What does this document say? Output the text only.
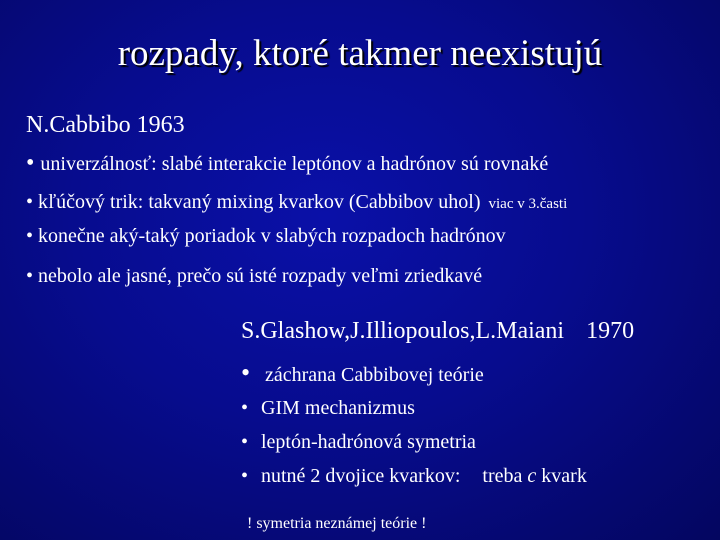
rozpady, ktoré takmer neexistujú
N.Cabbibo 1963
• univerzálnosť: slabé interakcie leptónov a hadrónov sú rovnaké
• kľúčový trik: takvaný mixing kvarkov (Cabbibov uhol) viac v 3.časti
• konečne aký-taký poriadok v slabých rozpadoch hadrónov
• nebolo ale jasné, prečo sú isté rozpady veľmi zriedkavé
S.Glashow,J.Illiopoulos,L.Maiani 1970
• záchrana Cabbibovej teórie
• GIM mechanizmus
• leptón-hadrónová symetria
• nutné 2 dvojice kvarkov: treba c kvark
! symetria neznámej teórie !
